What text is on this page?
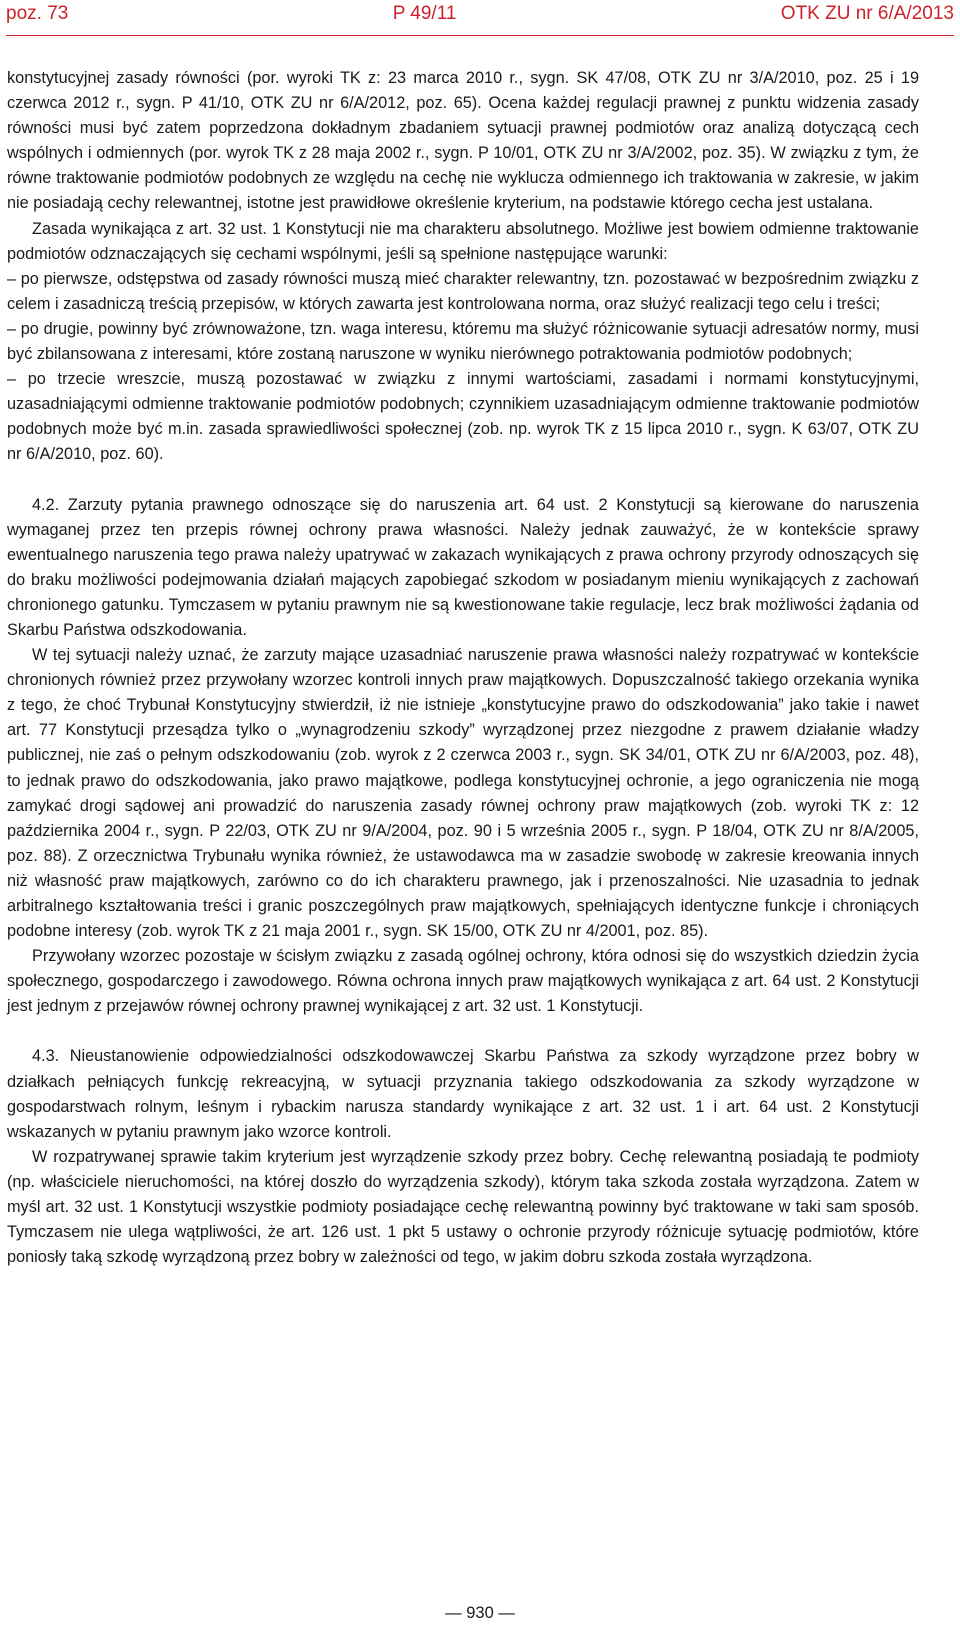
poz. 73	P 49/11	OTK ZU nr 6/A/2013

konstytucyjnej zasady równości (por. wyroki TK z: 23 marca 2010 r., sygn. SK 47/08, OTK ZU nr 3/A/2010, poz. 25 i 19 czerwca 2012 r., sygn. P 41/10, OTK ZU nr 6/A/2012, poz. 65). Ocena każdej regulacji prawnej z punktu widzenia zasady równości musi być zatem poprzedzona dokładnym zbadaniem sytuacji prawnej podmiotów oraz analizą dotyczącą cech wspólnych i odmiennych (por. wyrok TK z 28 maja 2002 r., sygn. P 10/01, OTK ZU nr 3/A/2002, poz. 35). W związku z tym, że równe traktowanie podmiotów podobnych ze względu na cechę nie wyklucza odmiennego ich traktowania w zakresie, w jakim nie posiadają cechy relewantnej, istotne jest prawidłowe określenie kryterium, na podstawie którego cecha jest ustalana.

Zasada wynikająca z art. 32 ust. 1 Konstytucji nie ma charakteru absolutnego. Możliwe jest bowiem odmienne traktowanie podmiotów odznaczających się cechami wspólnymi, jeśli są spełnione następujące warunki:

– po pierwsze, odstępstwa od zasady równości muszą mieć charakter relewantny, tzn. pozostawać w bezpośrednim związku z celem i zasadniczą treścią przepisów, w których zawarta jest kontrolowana norma, oraz służyć realizacji tego celu i treści;

– po drugie, powinny być zrównoważone, tzn. waga interesu, któremu ma służyć różnicowanie sytuacji adresatów normy, musi być zbilansowana z interesami, które zostaną naruszone w wyniku nierównego potraktowania podmiotów podobnych;

– po trzecie wreszcie, muszą pozostawać w związku z innymi wartościami, zasadami i normami konstytucyjnymi, uzasadniającymi odmienne traktowanie podmiotów podobnych; czynnikiem uzasadniającym odmienne traktowanie podmiotów podobnych może być m.in. zasada sprawiedliwości społecznej (zob. np. wyrok TK z 15 lipca 2010 r., sygn. K 63/07, OTK ZU nr 6/A/2010, poz. 60).

4.2. Zarzuty pytania prawnego odnoszące się do naruszenia art. 64 ust. 2 Konstytucji są kierowane do naruszenia wymaganej przez ten przepis równej ochrony prawa własności. Należy jednak zauważyć, że w kontekście sprawy ewentualnego naruszenia tego prawa należy upatrywać w zakazach wynikających z prawa ochrony przyrody odnoszących się do braku możliwości podejmowania działań mających zapobiegać szkodom w posiadanym mieniu wynikających z zachowań chronionego gatunku. Tymczasem w pytaniu prawnym nie są kwestionowane takie regulacje, lecz brak możliwości żądania od Skarbu Państwa odszkodowania.

W tej sytuacji należy uznać, że zarzuty mające uzasadniać naruszenie prawa własności należy rozpatrywać w kontekście chronionych również przez przywołany wzorzec kontroli innych praw majątkowych. Dopuszczalność takiego orzekania wynika z tego, że choć Trybunał Konstytucyjny stwierdził, iż nie istnieje „konstytucyjne prawo do odszkodowania” jako takie i nawet art. 77 Konstytucji przesądza tylko o „wynagrodzeniu szkody” wyrządzonej przez niezgodne z prawem działanie władzy publicznej, nie zaś o pełnym odszkodowaniu (zob. wyrok z 2 czerwca 2003 r., sygn. SK 34/01, OTK ZU nr 6/A/2003, poz. 48), to jednak prawo do odszkodowania, jako prawo majątkowe, podlega konstytucyjnej ochronie, a jego ograniczenia nie mogą zamykać drogi sądowej ani prowadzić do naruszenia zasady równej ochrony praw majątkowych (zob. wyroki TK z: 12 października 2004 r., sygn. P 22/03, OTK ZU nr 9/A/2004, poz. 90 i 5 września 2005 r., sygn. P 18/04, OTK ZU nr 8/A/2005, poz. 88). Z orzecznictwa Trybunału wynika również, że ustawodawca ma w zasadzie swobodę w zakresie kreowania innych niż własność praw majątkowych, zarówno co do ich charakteru prawnego, jak i przenoszalności. Nie uzasadnia to jednak arbitralnego kształtowania treści i granic poszczególnych praw majątkowych, spełniających identyczne funkcje i chroniących podobne interesy (zob. wyrok TK z 21 maja 2001 r., sygn. SK 15/00, OTK ZU nr 4/2001, poz. 85).

Przywołany wzorzec pozostaje w ścisłym związku z zasadą ogólnej ochrony, która odnosi się do wszystkich dziedzin życia społecznego, gospodarczego i zawodowego. Równa ochrona innych praw majątkowych wynikająca z art. 64 ust. 2 Konstytucji jest jednym z przejawów równej ochrony prawnej wynikającej z art. 32 ust. 1 Konstytucji.

4.3. Nieustanowienie odpowiedzialności odszkodowawczej Skarbu Państwa za szkody wyrządzone przez bobry w działkach pełniących funkcję rekreacyjną, w sytuacji przyznania takiego odszkodowania za szkody wyrządzone w gospodarstwach rolnym, leśnym i rybackim narusza standardy wynikające z art. 32 ust. 1 i art. 64 ust. 2 Konstytucji wskazanych w pytaniu prawnym jako wzorce kontroli.

W rozpatrywanej sprawie takim kryterium jest wyrządzenie szkody przez bobry. Cechę relewantną posiadają te podmioty (np. właściciele nieruchomości, na której doszło do wyrządzenia szkody), którym taka szkoda została wyrządzona. Zatem w myśl art. 32 ust. 1 Konstytucji wszystkie podmioty posiadające cechę relewantną powinny być traktowane w taki sam sposób. Tymczasem nie ulega wątpliwości, że art. 126 ust. 1 pkt 5 ustawy o ochronie przyrody różnicuje sytuację podmiotów, które poniosły taką szkodę wyrządzoną przez bobry w zależności od tego, w jakim dobru szkoda została wyrządzona.

— 930 —
